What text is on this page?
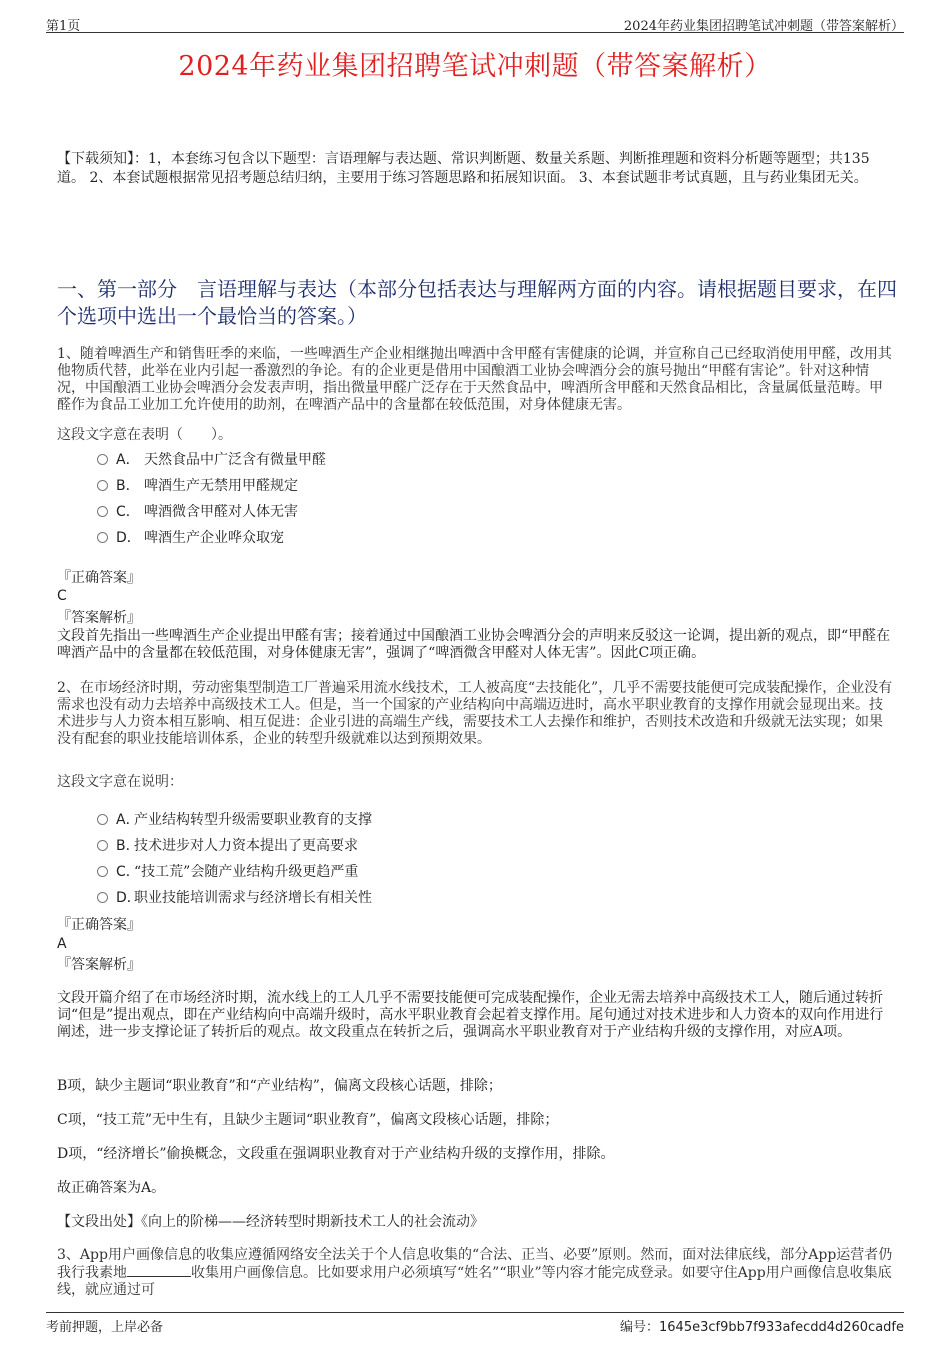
第1页	2024年药业集团招聘笔试冲刺题（带答案解析）
2024年药业集团招聘笔试冲刺题（带答案解析）
【下载须知】：1，本套练习包含以下题型：言语理解与表达题、常识判断题、数量关系题、判断推理题和资料分析题等题型；共135道。 2、本套试题根据常见招考题总结归纳，主要用于练习答题思路和拓展知识面。 3、本套试题非考试真题，且与药业集团无关。
一、第一部分　言语理解与表达（本部分包括表达与理解两方面的内容。请根据题目要求，在四个选项中选出一个最恰当的答案。）
1、随着啤酒生产和销售旺季的来临，一些啤酒生产企业相继抛出啤酒中含甲醛有害健康的论调，并宣称自己已经取消使用甲醛，改用其他物质代替，此举在业内引起一番激烈的争论。有的企业更是借用中国酿酒工业协会啤酒分会的旗号抛出“甲醛有害论”。针对这种情况，中国酿酒工业协会啤酒分会发表声明，指出微量甲醛广泛存在于天然食品中，啤酒所含甲醛和天然食品相比，含量属低量范畴。甲醛作为食品工业加工允许使用的助剂，在啤酒产品中的含量都在较低范围，对身体健康无害。
这段文字意在表明（　　）。
A． 天然食品中广泛含有微量甲醛
B． 啤酒生产无禁用甲醛规定
C． 啤酒微含甲醛对人体无害
D． 啤酒生产企业哗众取宠
『正确答案』
C
『答案解析』
文段首先指出一些啤酒生产企业提出甲醛有害；接着通过中国酿酒工业协会啤酒分会的声明来反驳这一论调，提出新的观点，即“甲醛在啤酒产品中的含量都在较低范围，对身体健康无害”，强调了“啤酒微含甲醛对人体无害”。因此C项正确。
2、在市场经济时期，劳动密集型制造工厂普遍采用流水线技术，工人被高度“去技能化”，几乎不需要技能便可完成装配操作，企业没有需求也没有动力去培养中高级技术工人。但是，当一个国家的产业结构向中高端迈进时，高水平职业教育的支撑作用就会显现出来。技术进步与人力资本相互影响、相互促进：企业引进的高端生产线，需要技术工人去操作和维护，否则技术改造和升级就无法实现；如果没有配套的职业技能培训体系，企业的转型升级就难以达到预期效果。
这段文字意在说明：
A．产业结构转型升级需要职业教育的支撑
B．技术进步对人力资本提出了更高要求
C．“技工荒”会随产业结构升级更趋严重
D．职业技能培训需求与经济增长有相关性
『正确答案』
A
『答案解析』
文段开篇介绍了在市场经济时期，流水线上的工人几乎不需要技能便可完成装配操作，企业无需去培养中高级技术工人，随后通过转折词“但是”提出观点，即在产业结构向中高端升级时，高水平职业教育会起着支撑作用。尾句通过对技术进步和人力资本的双向作用进行阐述，进一步支撑论证了转折后的观点。故文段重点在转折之后，强调高水平职业教育对于产业结构升级的支撑作用，对应A项。
B项，缺少主题词“职业教育”和“产业结构”，偏离文段核心话题，排除；
C项，“技工荒”无中生有，且缺少主题词“职业教育”，偏离文段核心话题，排除；
D项，“经济增长”偷换概念，文段重在强调职业教育对于产业结构升级的支撑作用，排除。
故正确答案为A。
【文段出处】《向上的阶梯——经济转型时期新技术工人的社会流动》
3、App用户画像信息的收集应遵循网络安全法关于个人信息收集的“合法、正当、必要”原则。然而，面对法律底线，部分App运营者仍我行我素地	收集用户画像信息。比如要求用户必须填写“姓名”“职业”等内容才能完成登录。如要守住App用户画像信息收集底线，就应通过可
考前押题，上岸必备	编号：1645e3cf9bb7f933afecdd4d260cadfe
